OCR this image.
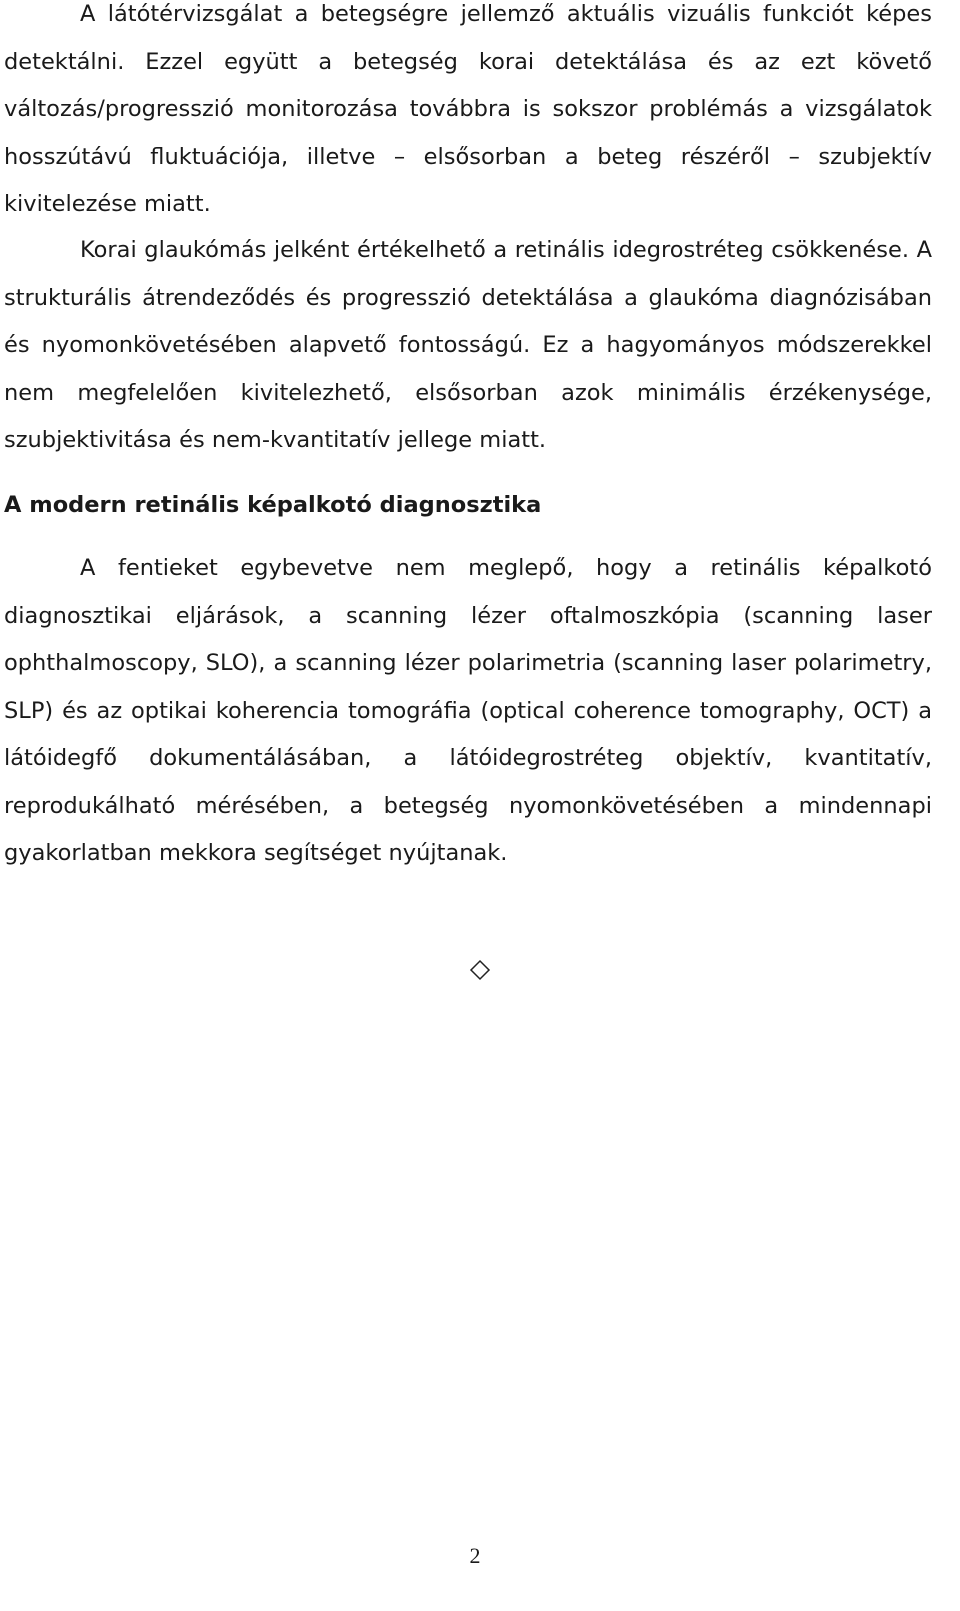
A látótérvizsgálat a betegségre jellemző aktuális vizuális funkciót képes detektálni. Ezzel együtt a betegség korai detektálása és az ezt követő változás/progresszió monitorozása továbbra is sokszor problémás a vizsgálatok hosszútávú fluktuációja, illetve – elsősorban a beteg részéről – szubjektív kivitelezése miatt.

Korai glaukómás jelként értékelhető a retinális idegrostréteg csökkenése. A strukturális átrendeződés és progresszió detektálása a glaukóma diagnózisában és nyomonkövetésében alapvető fontosságú. Ez a hagyományos módszerekkel nem megfelelően kivitelezhető, elsősorban azok minimális érzékenysége, szubjektivitása és nem-kvantitatív jellege miatt.

A modern retinális képalkotó diagnosztika

A fentieket egybevetve nem meglepő, hogy a retinális képalkotó diagnosztikai eljárások, a scanning lézer oftalmoszkópia (scanning laser ophthalmoscopy, SLO), a scanning lézer polarimetria (scanning laser polarimetry, SLP) és az optikai koherencia tomográfia (optical coherence tomography, OCT) a látóidegfő dokumentálásában, a látóidegrostréteg objektív, kvantitatív, reprodukálható mérésében, a betegség nyomonkövetésében a mindennapi gyakorlatban mekkora segítséget nyújtanak.

2
